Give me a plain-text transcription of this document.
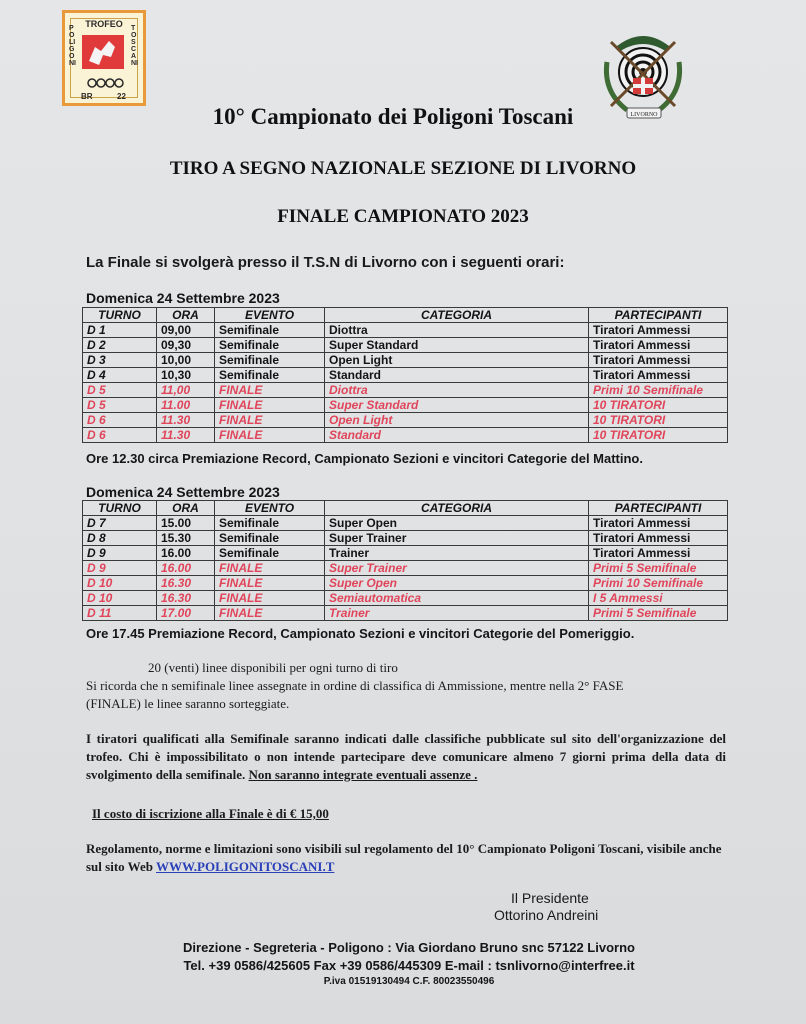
TROFEO
BR	22
POLIGONI
TOSCANI
LIVORNO
10° Campionato dei Poligoni Toscani
TIRO A SEGNO NAZIONALE SEZIONE DI LIVORNO
FINALE CAMPIONATO 2023
La Finale si svolgerà presso il T.S.N di Livorno con i seguenti orari:
Domenica 24 Settembre 2023
TURNO	ORA	EVENTO	CATEGORIA	PARTECIPANTI
D 1	09,00	Semifinale	Diottra	Tiratori Ammessi
D 2	09,30	Semifinale	Super Standard	Tiratori Ammessi
D 3	10,00	Semifinale	Open Light	Tiratori Ammessi
D 4	10,30	Semifinale	Standard	Tiratori Ammessi
D 5	11,00	FINALE	Diottra	Primi 10 Semifinale
D 5	11.00	FINALE	Super Standard	10 TIRATORI
D 6	11.30	FINALE	Open Light	10 TIRATORI
D 6	11.30	FINALE	Standard	10 TIRATORI
Ore 12.30 circa Premiazione Record, Campionato Sezioni e vincitori Categorie del Mattino.
Domenica 24 Settembre 2023
TURNO	ORA	EVENTO	CATEGORIA	PARTECIPANTI
D 7	15.00	Semifinale	Super Open	Tiratori Ammessi
D 8	15.30	Semifinale	Super Trainer	Tiratori Ammessi
D 9	16.00	Semifinale	Trainer	Tiratori Ammessi
D 9	16.00	FINALE	Super Trainer	Primi 5 Semifinale
D 10	16.30	FINALE	Super Open	Primi 10 Semifinale
D 10	16.30	FINALE	Semiautomatica	I 5 Ammessi
D 11	17.00	FINALE	Trainer	Primi 5 Semifinale
Ore 17.45 Premiazione Record, Campionato Sezioni e vincitori Categorie del Pomeriggio.
20 (venti) linee disponibili per ogni turno di tiro
Si ricorda che n semifinale linee assegnate in ordine di classifica di Ammissione, mentre nella 2° FASE
(FINALE) le linee saranno sorteggiate.
I tiratori qualificati alla Semifinale saranno indicati dalle classifiche pubblicate sul sito dell'organizzazione del trofeo. Chi è impossibilitato o non intende partecipare deve comunicare almeno 7 giorni prima della data di svolgimento della semifinale. Non saranno integrate eventuali assenze .
Il costo di iscrizione alla Finale è di € 15,00
Regolamento, norme e limitazioni sono visibili sul regolamento del 10° Campionato Poligoni Toscani, visibile anche sul sito Web WWW.POLIGONITOSCANI.T
Il Presidente
Ottorino Andreini
Direzione - Segreteria - Poligono : Via Giordano Bruno snc 57122 Livorno
Tel. +39 0586/425605 Fax +39 0586/445309 E-mail : tsnlivorno@interfree.it
P.iva 01519130494 C.F. 80023550496
